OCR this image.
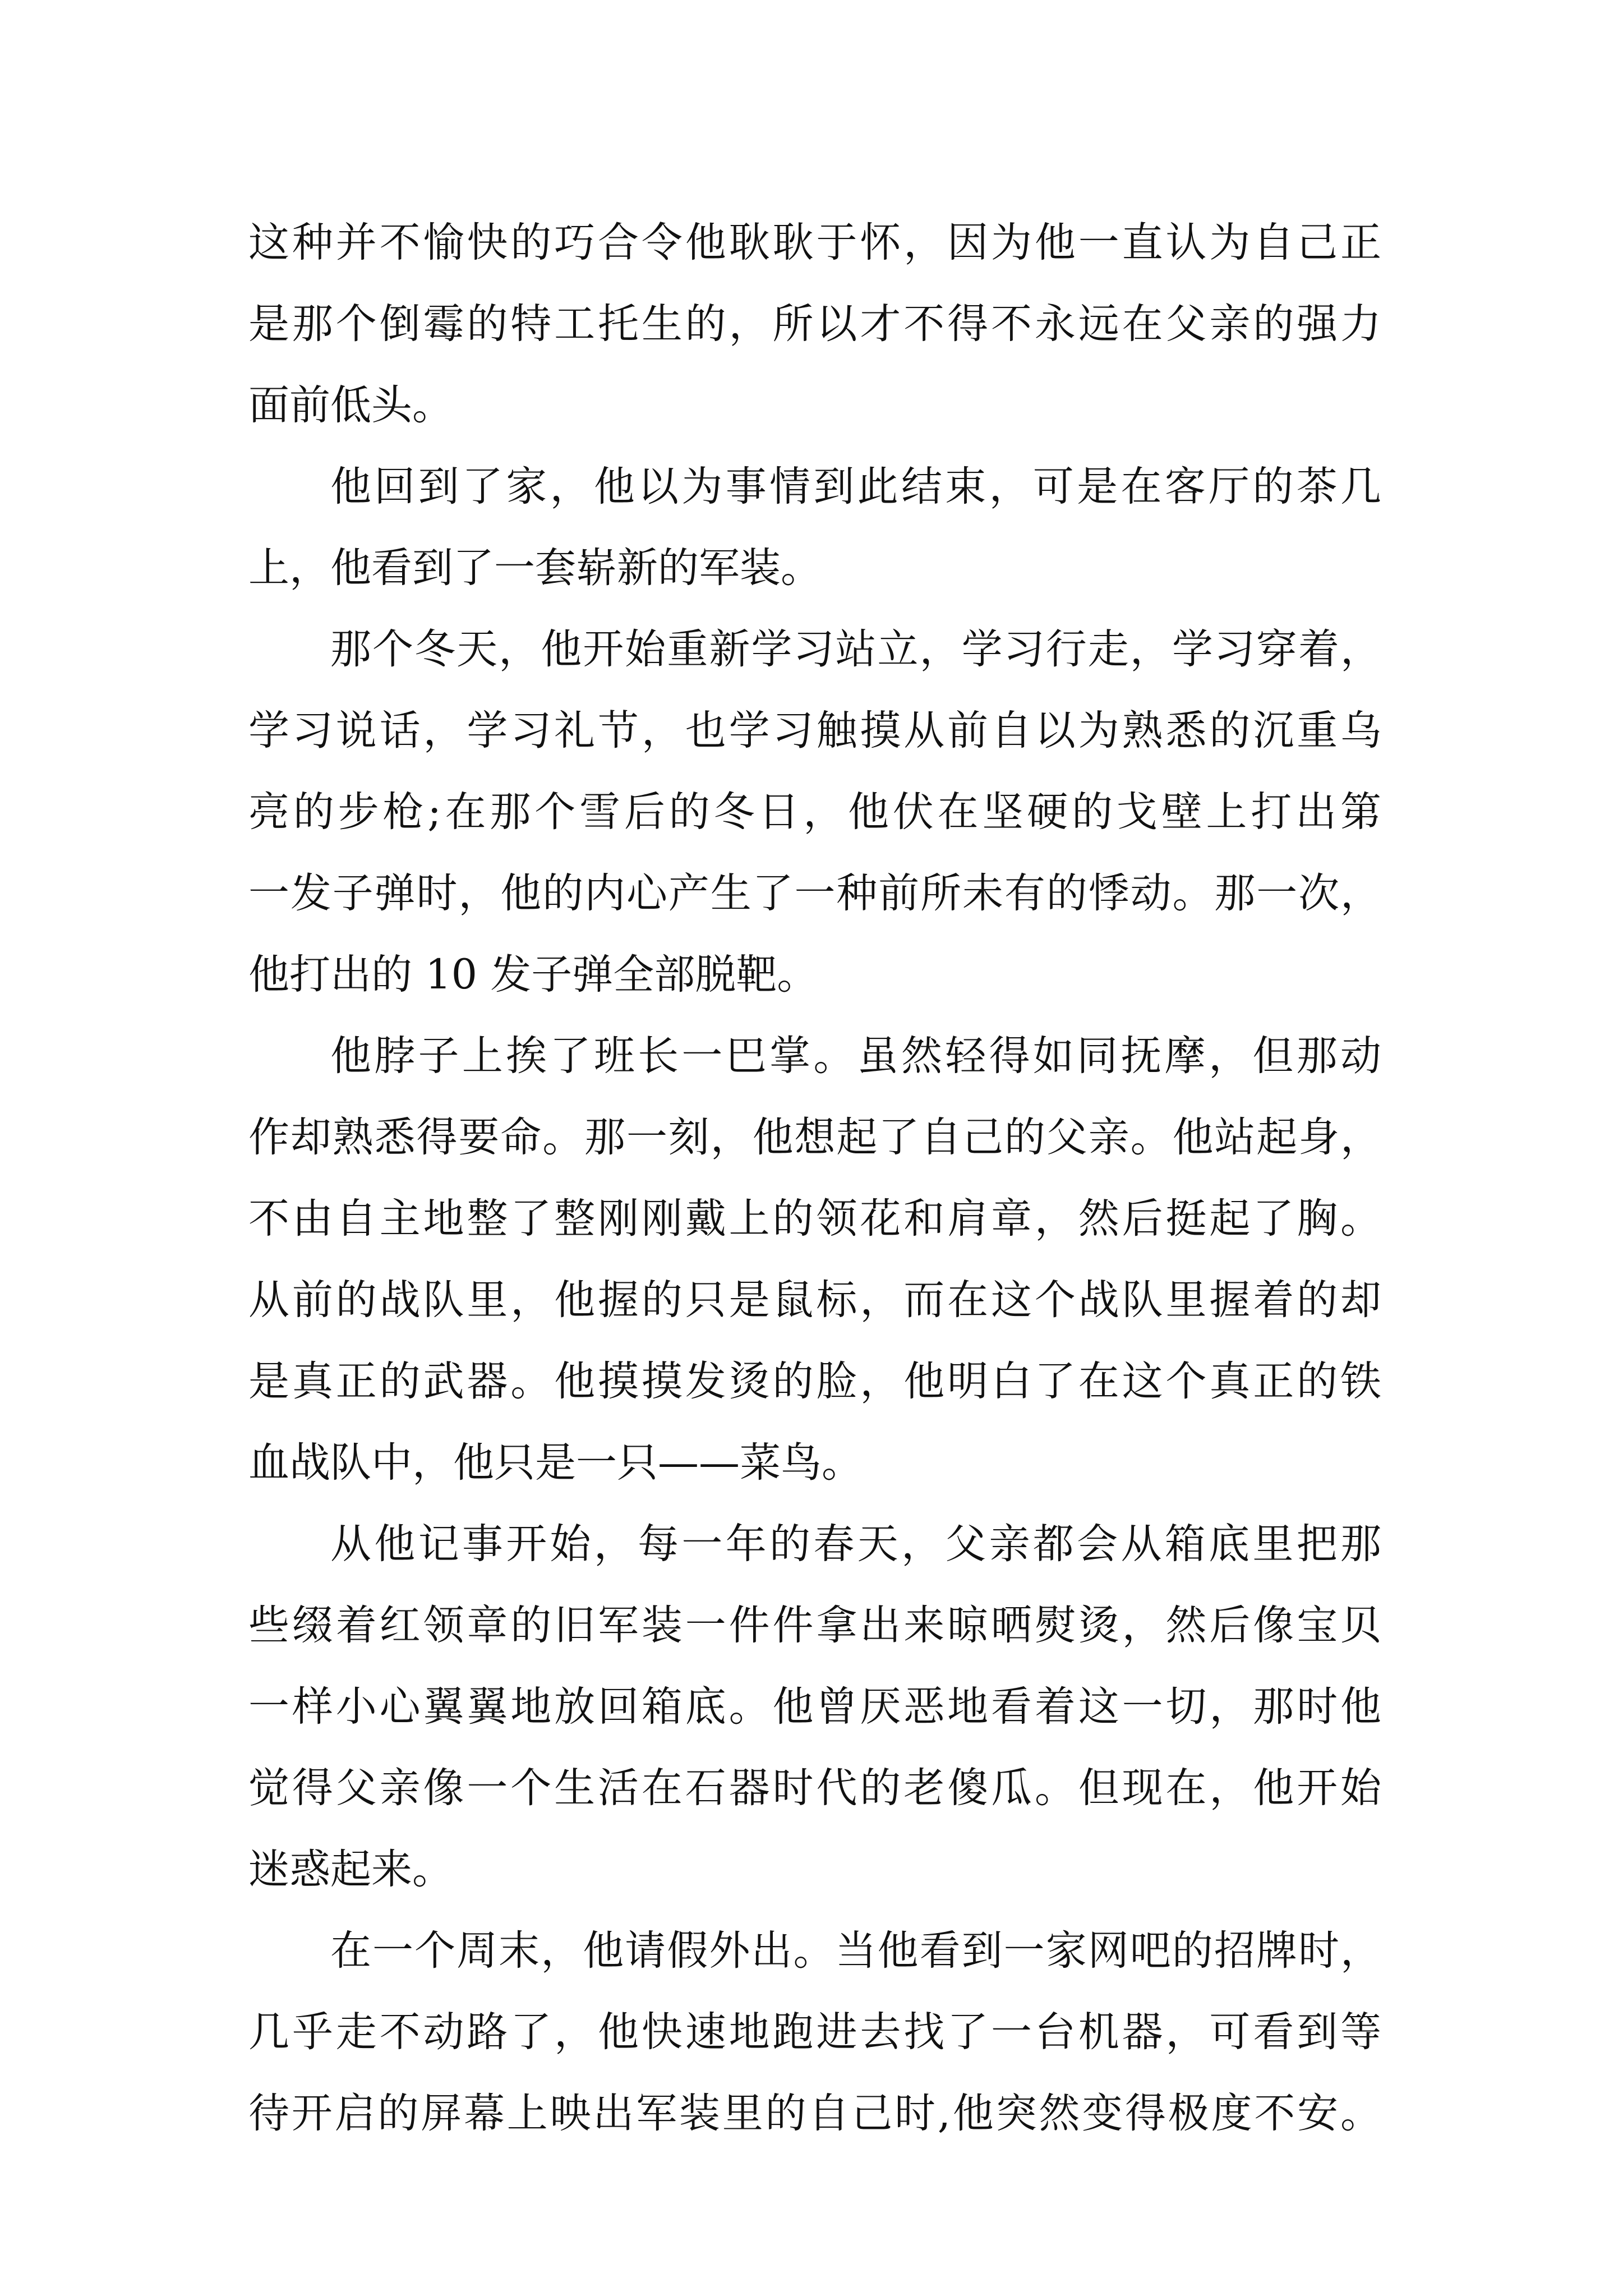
这种并不愉快的巧合令他耿耿于怀，因为他一直认为自己正
是那个倒霉的特工托生的，所以才不得不永远在父亲的强力
面前低头。
他回到了家，他以为事情到此结束，可是在客厅的茶几
上，他看到了一套崭新的军装。
那个冬天，他开始重新学习站立，学习行走，学习穿着，
学习说话，学习礼节，也学习触摸从前自以为熟悉的沉重乌
亮的步枪;在那个雪后的冬日，他伏在坚硬的戈壁上打出第
一发子弹时，他的内心产生了一种前所未有的悸动。那一次，
他打出的 10 发子弹全部脱靶。
他脖子上挨了班长一巴掌。虽然轻得如同抚摩，但那动
作却熟悉得要命。那一刻，他想起了自己的父亲。他站起身，
不由自主地整了整刚刚戴上的领花和肩章，然后挺起了胸。
从前的战队里，他握的只是鼠标，而在这个战队里握着的却
是真正的武器。他摸摸发烫的脸，他明白了在这个真正的铁
血战队中，他只是一只——菜鸟。
从他记事开始，每一年的春天，父亲都会从箱底里把那
些缀着红领章的旧军装一件件拿出来晾晒熨烫，然后像宝贝
一样小心翼翼地放回箱底。他曾厌恶地看着这一切，那时他
觉得父亲像一个生活在石器时代的老傻瓜。但现在，他开始
迷惑起来。
在一个周末，他请假外出。当他看到一家网吧的招牌时，
几乎走不动路了，他快速地跑进去找了一台机器，可看到等
待开启的屏幕上映出军装里的自己时,他突然变得极度不安。
